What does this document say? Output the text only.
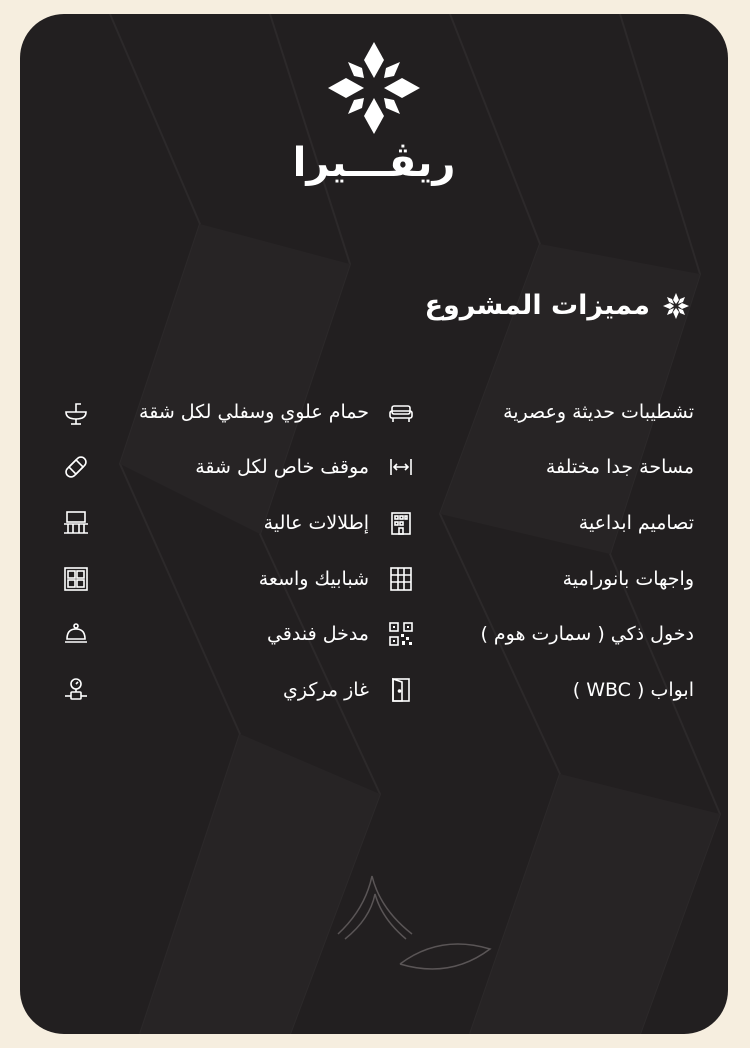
ريڤـــيرا
مميزات المشروع
تشطيبات حديثة وعصرية
حمام علوي وسفلي لكل شقة
مساحة جدا مختلفة
موقف خاص لكل شقة
تصاميم ابداعية
إطلالات عالية
واجهات بانورامية
شبابيك واسعة
دخول ذكي ( سمارت هوم )
مدخل فندقي
ابواب ( WBC )
غاز مركزي
